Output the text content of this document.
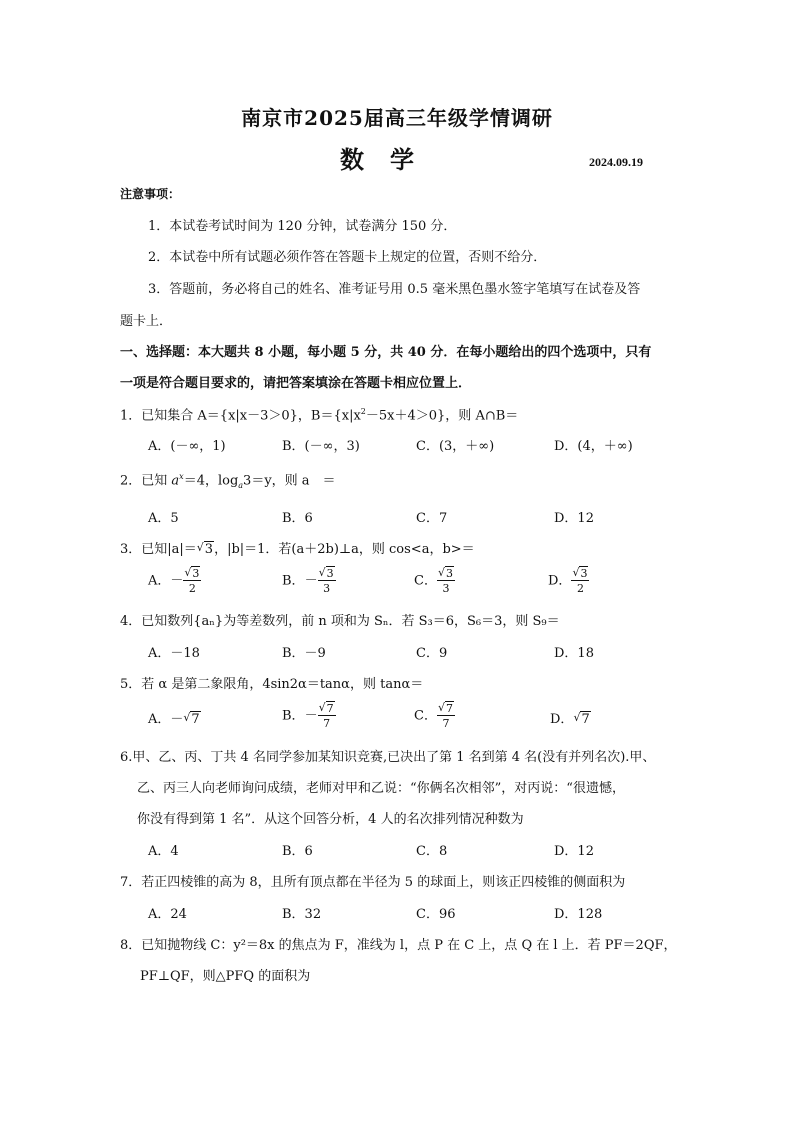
南京市2025届高三年级学情调研
数学	2024.09.19
注意事项：
1．本试卷考试时间为 120 分钟，试卷满分 150 分．
2．本试卷中所有试题必须作答在答题卡上规定的位置，否则不给分．
3．答题前，务必将自己的姓名、准考证号用 0.5 毫米黑色墨水签字笔填写在试卷及答
题卡上．
一、选择题：本大题共 8 小题，每小题 5 分，共 40 分．在每小题给出的四个选项中，只有
一项是符合题目要求的，请把答案填涂在答题卡相应位置上．
1．已知集合 A＝{x|x－3＞0}，$B=\{x|x^2-5x+4>0\}$，则 A∩B＝
A．(－∞，1)	B．(－∞，3)	C．(3，＋∞)	D．(4，＋∞)
2．已知 $a^x=4$，$\log_a3=y$，则 a　＝
A．5	B．6	C．7	D．12
3．已知|a|＝ √ 3，|b|＝1．若(a＋2b)⊥a，则 cos<a，b>＝
A．－ √ $\frac{3}{2}$	B．－ √ $\frac{3}{3}$	C． √ $\frac{3}{3}$	D． √ $\frac{3}{2}$
4．已知数列{aₙ}为等差数列，前 n 项和为 Sₙ．若 S₃＝6，S₆＝3，则 S₉＝
A．－18	B．－9	C．9	D．18
5．若 α 是第二象限角，4sin2α＝tanα，则 tanα＝
A．－ √ 7	B．－ √ $\frac{7}{7}$	C． √ $\frac{7}{7}$	D． √ 7
6.甲、乙、丙、丁共 4 名同学参加某知识竞赛,已决出了第 1 名到第 4 名(没有并列名次).甲、
乙、丙三人向老师询问成绩，老师对甲和乙说：“你俩名次相邻”，对丙说：“很遗憾，
你没有得到第 1 名”．从这个回答分析，4 人的名次排列情况种数为
A．4	B．6	C．8	D．12
7．若正四棱锥的高为 8，且所有顶点都在半径为 5 的球面上，则该正四棱锥的侧面积为
A．24	B．32	C．96	D．128
8．已知抛物线 C：y²＝8x 的焦点为 F，准线为 l，点 P 在 C 上，点 Q 在 l 上．若 PF＝2QF，
PF⊥QF，则△PFQ 的面积为
